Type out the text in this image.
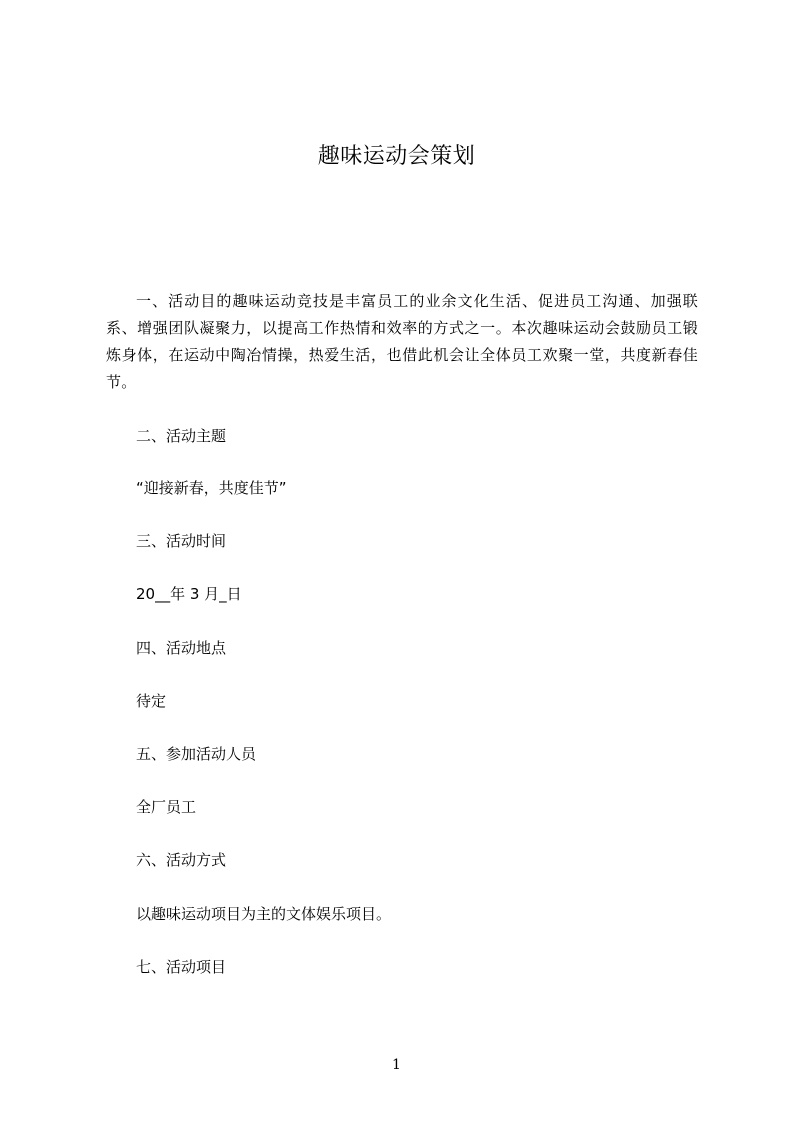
趣味运动会策划

一、活动目的趣味运动竞技是丰富员工的业余文化生活、促进员工沟通、加强联系、增强团队凝聚力，以提高工作热情和效率的方式之一。本次趣味运动会鼓励员工锻炼身体，在运动中陶冶情操，热爱生活，也借此机会让全体员工欢聚一堂，共度新春佳节。

二、活动主题

“迎接新春，共度佳节”

三、活动时间

20__年 3 月_日

四、活动地点

待定

五、参加活动人员

全厂员工

六、活动方式

以趣味运动项目为主的文体娱乐项目。

七、活动项目

1
